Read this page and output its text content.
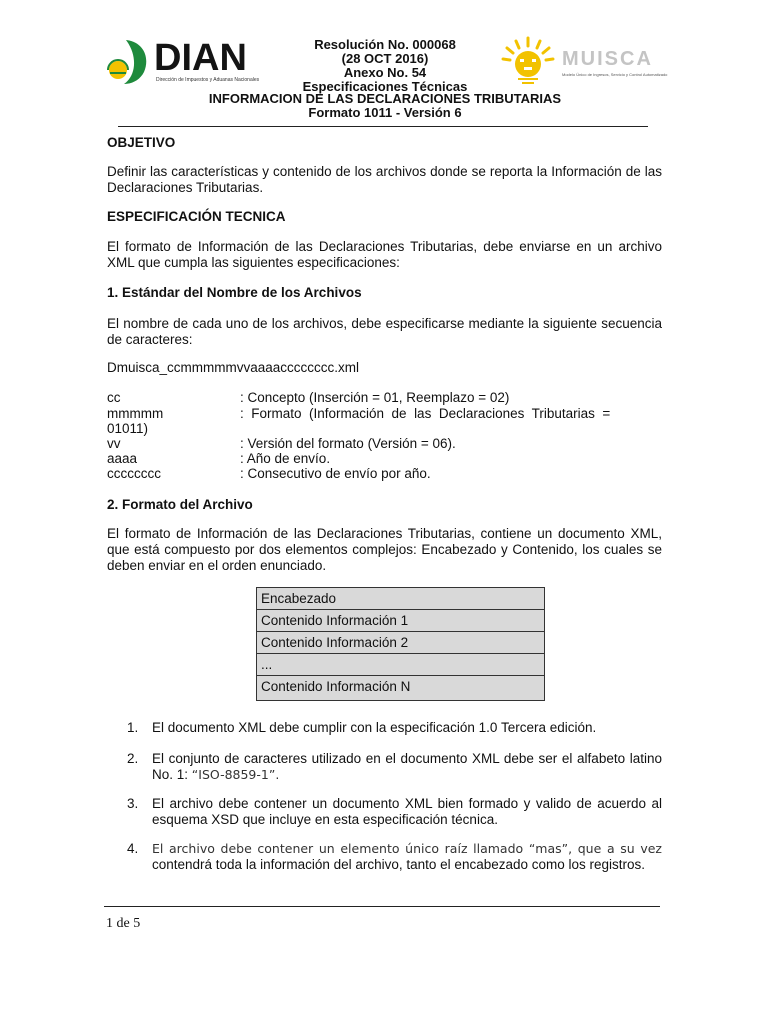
DIAN
Dirección de Impuestos y Aduanas Nacionales
MUISCA
Modelo Único de Ingresos, Servicio y Control Automatizado
Resolución No. 000068
(28 OCT 2016)
Anexo No. 54
Especificaciones Técnicas
INFORMACION DE LAS DECLARACIONES TRIBUTARIAS
Formato 1011 - Versión 6
OBJETIVO
Definir las características y contenido de los archivos donde se reporta la Información de las Declaraciones Tributarias.
ESPECIFICACIÓN TECNICA
El formato de Información de las Declaraciones Tributarias, debe enviarse en un archivo XML que cumpla las siguientes especificaciones:
1. Estándar del Nombre de los Archivos
El nombre de cada uno de los archivos, debe especificarse mediante la siguiente secuencia de caracteres:
Dmuisca_ccmmmmmvvaaaacccccccc.xml
cc	: Concepto (Inserción = 01, Reemplazo = 02)
mmmmm	:  Formato  (Información  de  las  Declaraciones  Tributarias  =
01011)
vv	: Versión del formato (Versión = 06).
aaaa	: Año de envío.
cccccccc	: Consecutivo de envío por año.
2. Formato del Archivo
El formato de Información de las Declaraciones Tributarias, contiene un documento XML, que está compuesto por dos elementos complejos: Encabezado y Contenido, los cuales se deben enviar en el orden enunciado.
Encabezado
Contenido Información 1
Contenido Información 2
...
Contenido Información N
1. El documento XML debe cumplir con la especificación 1.0 Tercera edición.
2. El conjunto de caracteres utilizado en el documento XML debe ser el alfabeto latino No. 1: “ISO-8859-1”.
3. El archivo debe contener un documento XML bien formado y valido de acuerdo al esquema XSD que incluye en esta especificación técnica.
4. El archivo debe contener un elemento único raíz llamado “mas”, que a su vez contendrá toda la información del archivo, tanto el encabezado como los registros.
1 de 5
